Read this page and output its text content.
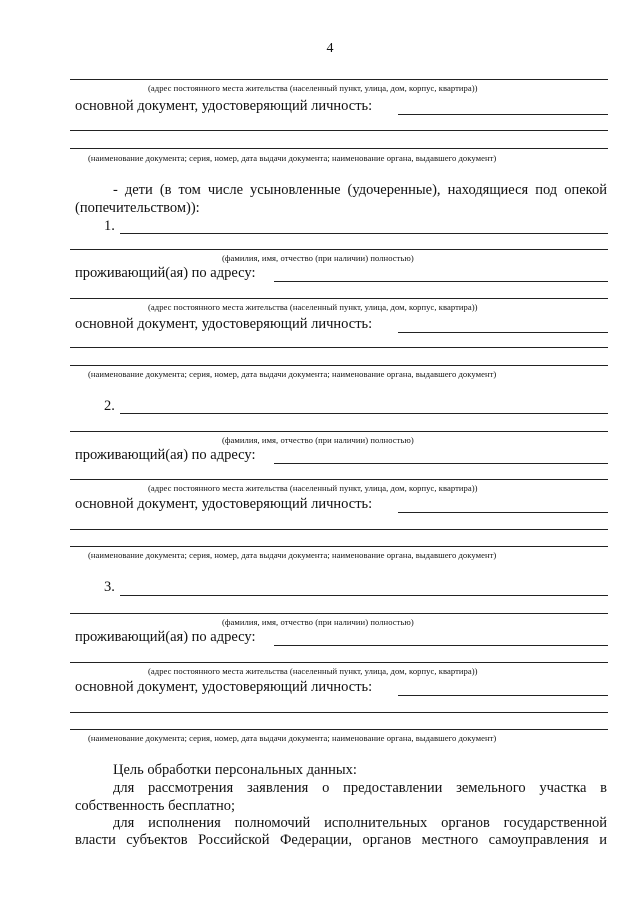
4
(адрес постоянного места жительства (населенный пункт, улица, дом, корпус, квартира))
основной документ, удостоверяющий личность:
(наименование документа; серия, номер, дата выдачи документа; наименование органа, выдавшего документ)
- дети (в том числе усыновленные (удочеренные), находящиеся под опекой
(попечительством)):
1.
(фамилия, имя, отчество (при наличии) полностью)
проживающий(ая) по адресу:
(адрес постоянного места жительства (населенный пункт, улица, дом, корпус, квартира))
основной документ, удостоверяющий личность:
(наименование документа; серия, номер, дата выдачи документа; наименование органа, выдавшего документ)
2.
(фамилия, имя, отчество (при наличии) полностью)
проживающий(ая) по адресу:
(адрес постоянного места жительства (населенный пункт, улица, дом, корпус, квартира))
основной документ, удостоверяющий личность:
(наименование документа; серия, номер, дата выдачи документа; наименование органа, выдавшего документ)
3.
(фамилия, имя, отчество (при наличии) полностью)
проживающий(ая) по адресу:
(адрес постоянного места жительства (населенный пункт, улица, дом, корпус, квартира))
основной документ, удостоверяющий личность:
(наименование документа; серия, номер, дата выдачи документа; наименование органа, выдавшего документ)
Цель обработки персональных данных:
для рассмотрения заявления о предоставлении земельного участка в
собственность бесплатно;
для исполнения полномочий исполнительных органов государственной
власти субъектов Российской Федерации, органов местного самоуправления и
